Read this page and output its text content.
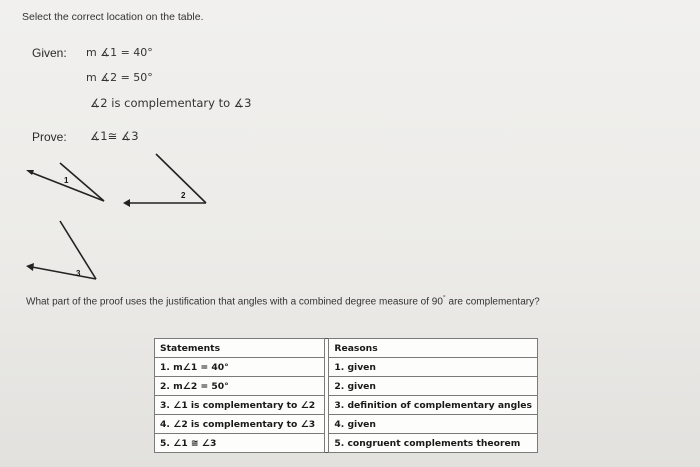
Select the correct location on the table.
Given: m ∡1 = 40°
m ∡2 = 50°
∡2 is complementary to ∡3
Prove: ∡1≅ ∡3
1
2
3
What part of the proof uses the justification that angles with a combined degree measure of 90° are complementary?
Statements		Reasons
1. m∠1 = 40°		1. given
2. m∠2 = 50°		2. given
3. ∠1 is complementary to ∠2		3. definition of complementary angles
4. ∠2 is complementary to ∠3		4. given
5. ∠1 ≅ ∠3		5. congruent complements theorem
